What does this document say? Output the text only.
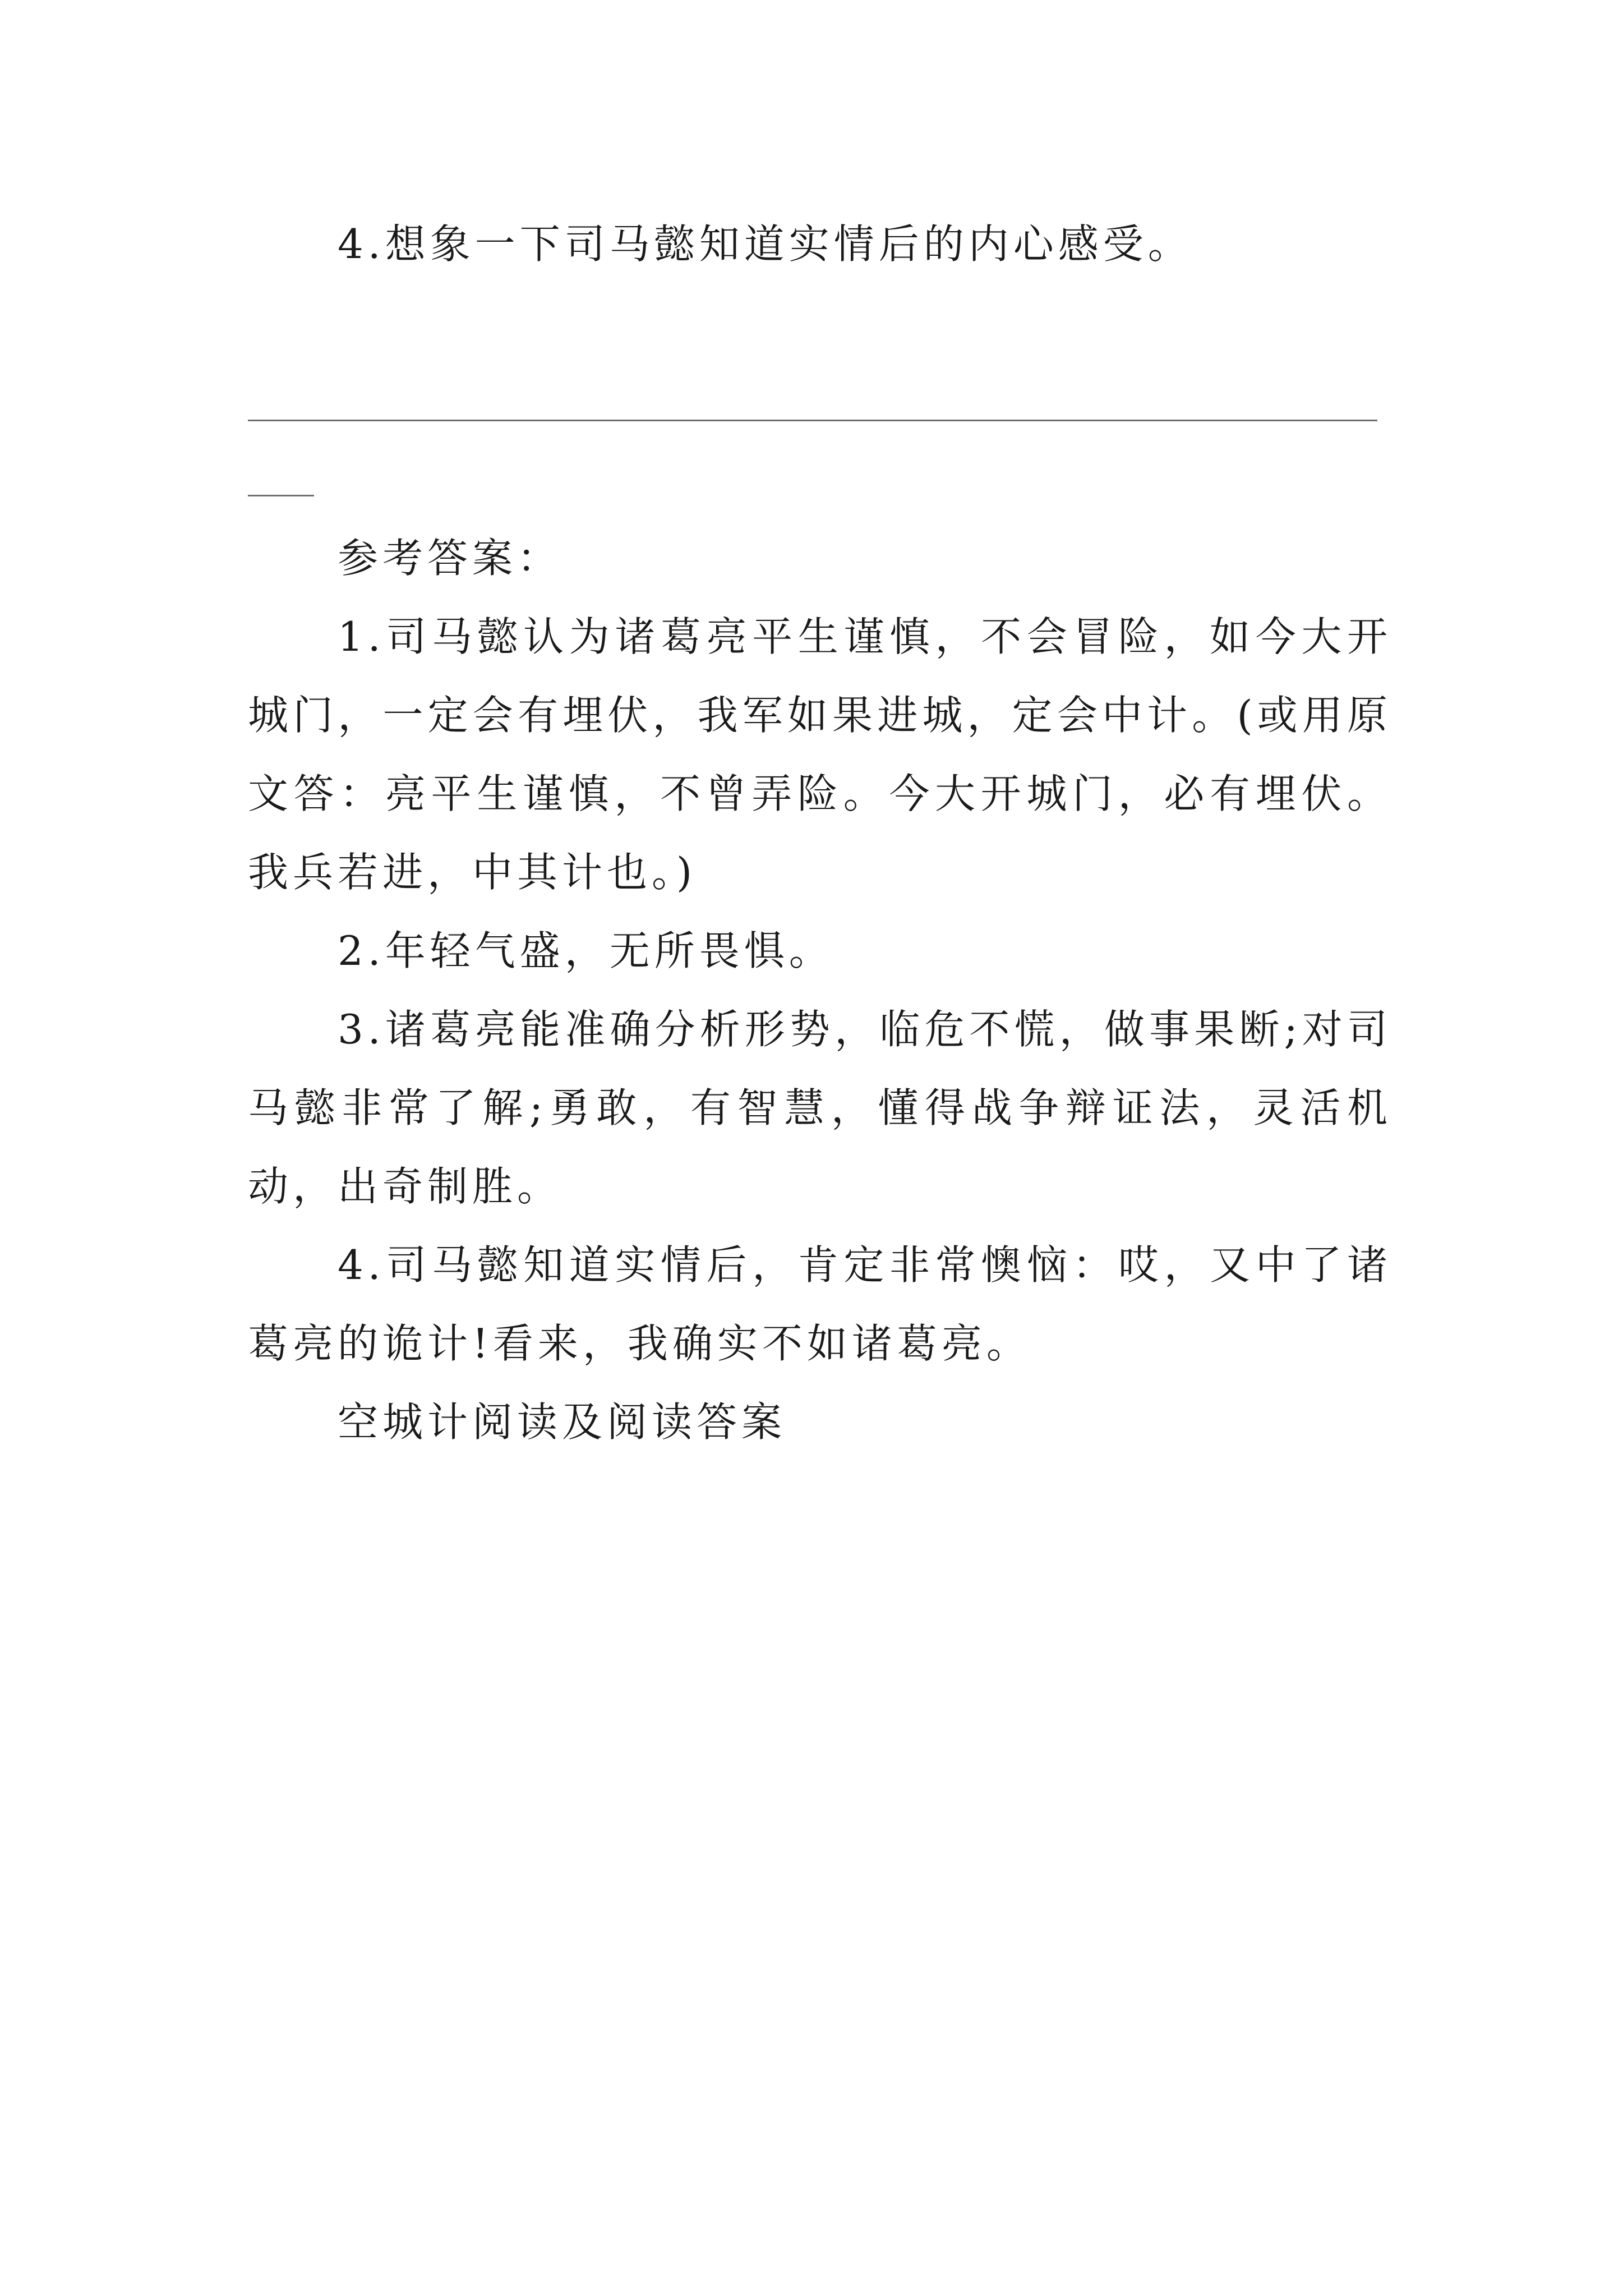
4.想象一下司马懿知道实情后的内心感受。

参考答案：

1.司马懿认为诸葛亮平生谨慎，不会冒险，如今大开城门，一定会有埋伏，我军如果进城，定会中计。(或用原文答：亮平生谨慎，不曾弄险。今大开城门，必有埋伏。我兵若进，中其计也。)

2.年轻气盛，无所畏惧。

3.诸葛亮能准确分析形势，临危不慌，做事果断;对司马懿非常了解;勇敢，有智慧，懂得战争辩证法，灵活机动，出奇制胜。

4.司马懿知道实情后，肯定非常懊恼：哎，又中了诸葛亮的诡计!看来，我确实不如诸葛亮。

空城计阅读及阅读答案
